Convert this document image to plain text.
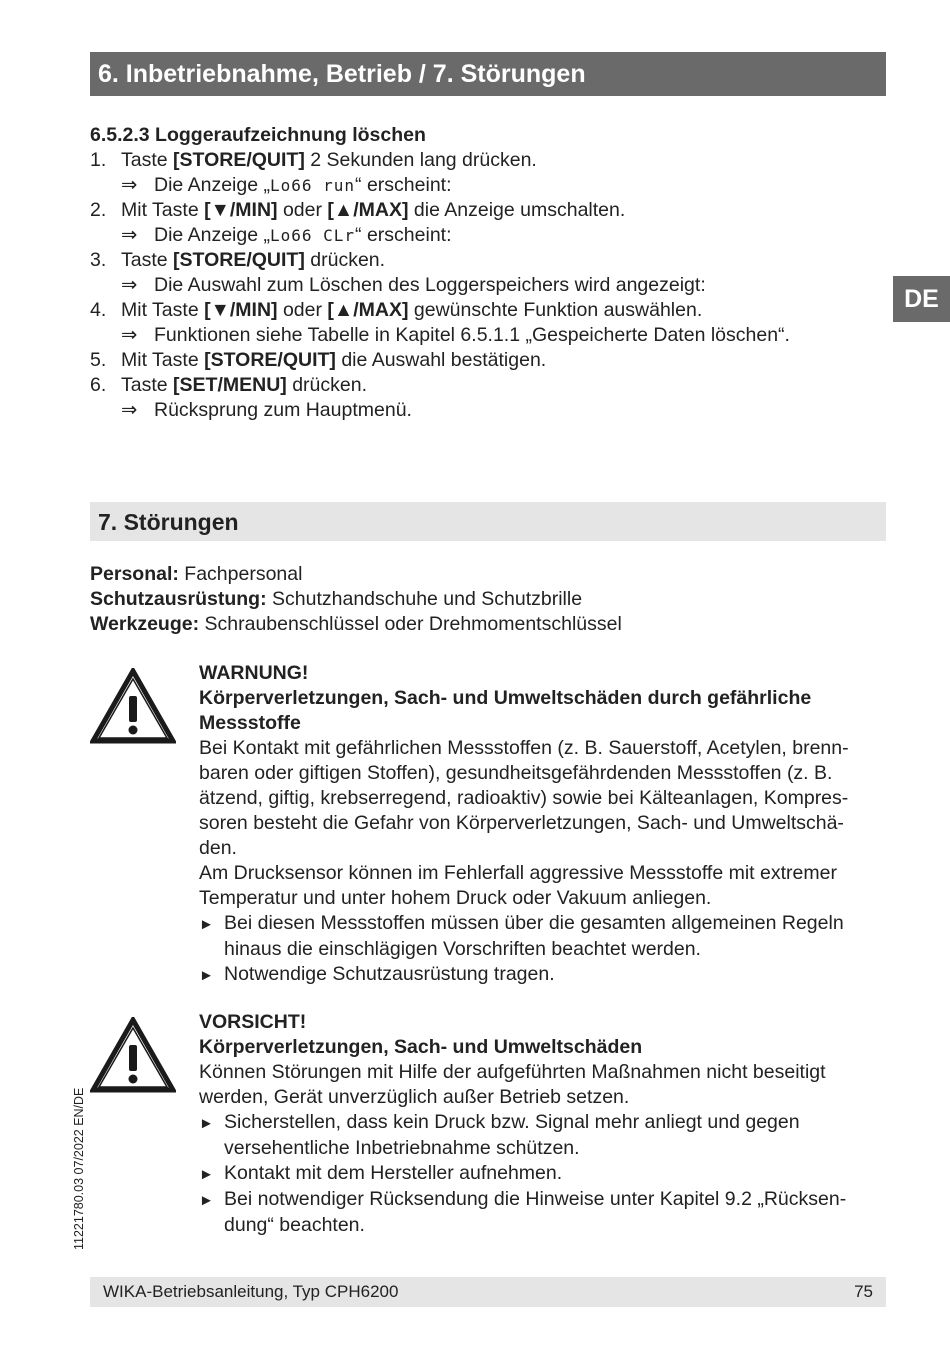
6. Inbetriebnahme, Betrieb / 7. Störungen
DE
6.5.2.3 Loggeraufzeichnung löschen
1. Taste [STORE/QUIT] 2 Sekunden lang drücken.
⇒ Die Anzeige „Lo66 run“ erscheint:
2. Mit Taste [▼/MIN] oder [▲/MAX] die Anzeige umschalten.
⇒ Die Anzeige „Lo66 CLr“ erscheint:
3. Taste [STORE/QUIT] drücken.
⇒ Die Auswahl zum Löschen des Loggerspeichers wird angezeigt:
4. Mit Taste [▼/MIN] oder [▲/MAX] gewünschte Funktion auswählen.
⇒ Funktionen siehe Tabelle in Kapitel 6.5.1.1 „Gespeicherte Daten löschen“.
5. Mit Taste [STORE/QUIT] die Auswahl bestätigen.
6. Taste [SET/MENU] drücken.
⇒ Rücksprung zum Hauptmenü.
7. Störungen
Personal: Fachpersonal
Schutzausrüstung: Schutzhandschuhe und Schutzbrille
Werkzeuge: Schraubenschlüssel oder Drehmomentschlüssel
WARNUNG!
Körperverletzungen, Sach- und Umweltschäden durch gefährliche
Messstoffe
Bei Kontakt mit gefährlichen Messstoffen (z. B. Sauerstoff, Acetylen, brenn-
baren oder giftigen Stoffen), gesundheitsgefährdenden Messstoffen (z. B.
ätzend, giftig, krebserregend, radioaktiv) sowie bei Kälteanlagen, Kompres-
soren besteht die Gefahr von Körperverletzungen, Sach- und Umweltschä-
den.
Am Drucksensor können im Fehlerfall aggressive Messstoffe mit extremer
Temperatur und unter hohem Druck oder Vakuum anliegen.
► Bei diesen Messstoffen müssen über die gesamten allgemeinen Regeln
hinaus die einschlägigen Vorschriften beachtet werden.
► Notwendige Schutzausrüstung tragen.
VORSICHT!
Körperverletzungen, Sach- und Umweltschäden
Können Störungen mit Hilfe der aufgeführten Maßnahmen nicht beseitigt
werden, Gerät unverzüglich außer Betrieb setzen.
► Sicherstellen, dass kein Druck bzw. Signal mehr anliegt und gegen
versehentliche Inbetriebnahme schützen.
► Kontakt mit dem Hersteller aufnehmen.
► Bei notwendiger Rücksendung die Hinweise unter Kapitel 9.2 „Rücksen-
dung“ beachten.
11221780.03 07/2022 EN/DE
WIKA-Betriebsanleitung, Typ CPH6200	75
